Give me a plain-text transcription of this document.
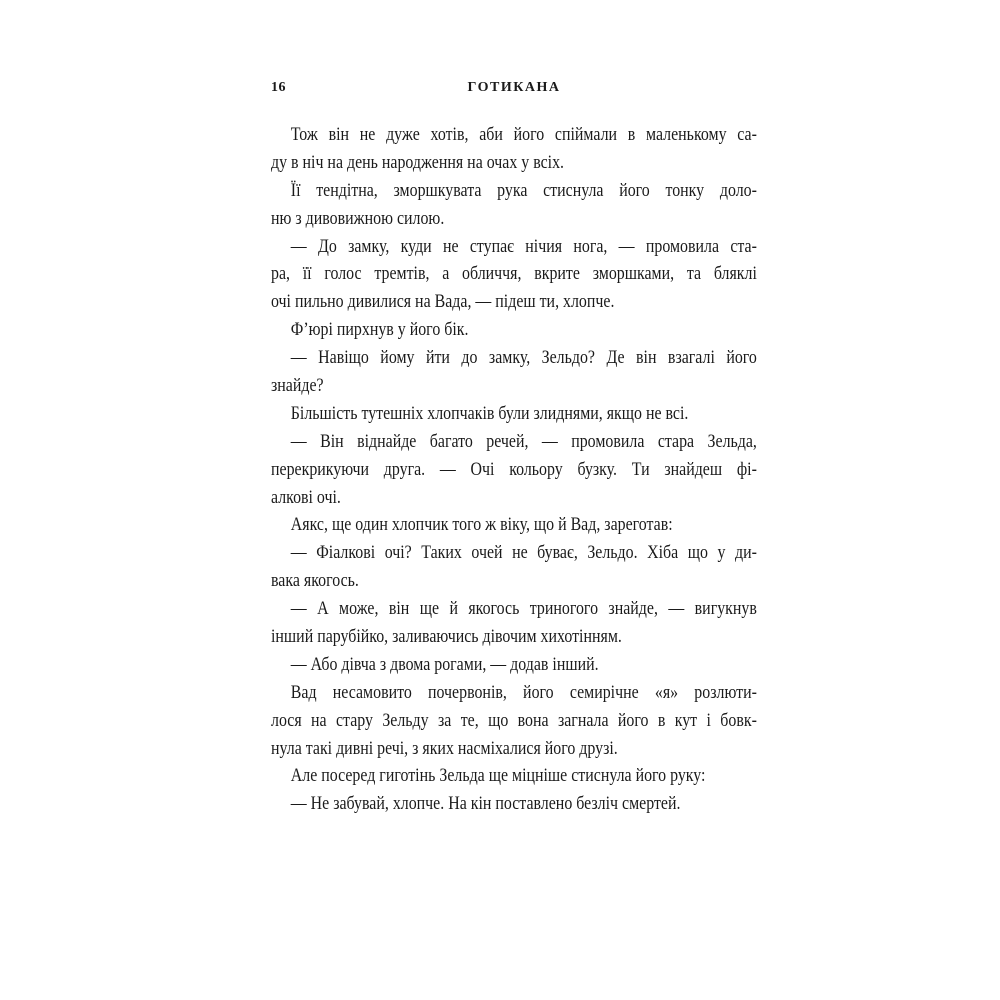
16	ГОТИКАНА
Тож він не дуже хотів, аби його спіймали в маленькому са-
ду в ніч на день народження на очах у всіх.
Її тендітна, зморшкувата рука стиснула його тонку доло-
ню з дивовижною силою.
— До замку, куди не ступає нічия нога, — промовила ста-
ра, її голос тремтів, а обличчя, вкрите зморшками, та бляклі
очі пильно дивилися на Вада, — підеш ти, хлопче.
Ф’юрі пирхнув у його бік.
— Навіщо йому йти до замку, Зельдо? Де він взагалі його
знайде?
Більшість тутешніх хлопчаків були злиднями, якщо не всі.
— Він віднайде багато речей, — промовила стара Зельда,
перекрикуючи друга. — Очі кольору бузку. Ти знайдеш фі-
алкові очі.
Аякс, ще один хлопчик того ж віку, що й Вад, зареготав:
— Фіалкові очі? Таких очей не буває, Зельдо. Хіба що у ди-
вака якогось.
— А може, він ще й якогось триногого знайде, — вигукнув
інший парубійко, заливаючись дівочим хихотінням.
— Або дівча з двома рогами, — додав інший.
Вад несамовито почервонів, його семирічне «я» розлюти-
лося на стару Зельду за те, що вона загнала його в кут і бовк-
нула такі дивні речі, з яких насміхалися його друзі.
Але посеред гиготінь Зельда ще міцніше стиснула його руку:
— Не забувай, хлопче. На кін поставлено безліч смертей.
